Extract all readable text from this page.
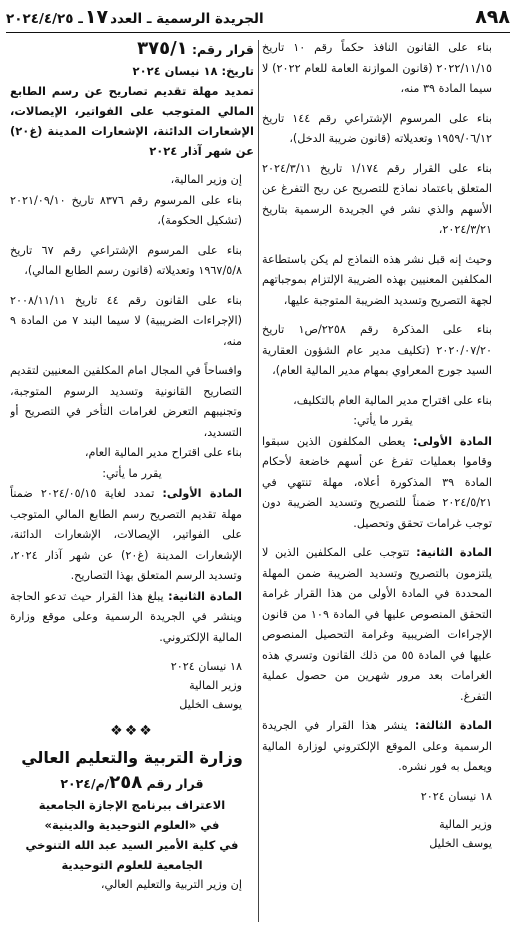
٨٩٨
الجريدة الرسمية ـ العدد١٧ـ ٢٠٢٤/٤/٢٥

بناء على القانون النافذ حكماً رقم ١٠ تاريخ ٢٠٢٢/١١/١٥ (قانون الموازنة العامة للعام ٢٠٢٢) لا سيما المادة ٣٩ منه،

بناء على المرسوم الإشتراعي رقم ١٤٤ تاريخ ١٩٥٩/٠٦/١٢ وتعديلاته (قانون ضريبة الدخل)،

بناء على القرار رقم ١/١٧٤ تاريخ ٢٠٢٤/٣/١١ المتعلق باعتماد نماذج للتصريح عن ربح التفرغ عن الأسهم والذي نشر في الجريدة الرسمية بتاريخ ٢٠٢٤/٣/٢١،

وحيث إنه قبل نشر هذه النماذج لم يكن باستطاعة المكلفين المعنيين بهذه الضريبة الإلتزام بموجباتهم لجهة التصريح وتسديد الضريبة المتوجبة عليها،

بناء على المذكرة رقم ٢٢٥٨/ص١ تاريخ ٢٠٢٠/٠٧/٢٠ (تكليف مدير عام الشؤون العقارية السيد جورج المعراوي بمهام مدير المالية العام)،

بناء على اقتراح مدير المالية العام بالتكليف،

يقرر ما يأتي:

المادة الأولى: يعطى المكلفون الذين سبقوا وقاموا بعمليات تفرغ عن أسهم خاضعة لأحكام المادة ٣٩ المذكورة أعلاه، مهلة تنتهي في ٢٠٢٤/٥/٢١ ضمناً للتصريح وتسديد الضريبة دون توجب غرامات تحقق وتحصيل.

المادة الثانية: تتوجب على المكلفين الذين لا يلتزمون بالتصريح وتسديد الضريبة ضمن المهلة المحددة في المادة الأولى من هذا القرار غرامة التحقق المنصوص عليها في المادة ١٠٩ من قانون الإجراءات الضريبية وغرامة التحصيل المنصوص عليها في المادة ٥٥ من ذلك القانون وتسري هذه الغرامات بعد مرور شهرين من حصول عملية التفرغ.

المادة الثالثة: ينشر هذا القرار في الجريدة الرسمية وعلى الموقع الإلكتروني لوزارة المالية ويعمل به فور نشره.

١٨ نيسان ٢٠٢٤

وزير المالية

يوسف الخليل

قرار رقم: ٣٧٥/١

تاريخ: ١٨ نيسان ٢٠٢٤

تمديد مهلة تقديم تصاريح عن رسم الطابع المالي المتوجب على الفواتير، الإيصالات، الإشعارات الدائنة، الإشعارات المدينة (غ٢٠) عن شهر آذار ٢٠٢٤

إن وزير المالية،

بناء على المرسوم رقم ٨٣٧٦ تاريخ ٢٠٢١/٠٩/١٠ (تشكيل الحكومة)،

بناء على المرسوم الإشتراعي رقم ٦٧ تاريخ ١٩٦٧/٥/٨ وتعديلاته (قانون رسم الطابع المالي)،

بناء على القانون رقم ٤٤ تاريخ ٢٠٠٨/١١/١١ (الإجراءات الضريبية) لا سيما البند ٧ من المادة ٩ منه،

وافساحاً في المجال امام المكلفين المعنيين لتقديم التصاريح القانونية وتسديد الرسوم المتوجبة، وتجنيبهم التعرض لغرامات التأخر في التصريح أو التسديد،

بناء على اقتراح مدير المالية العام،

يقرر ما يأتي:

المادة الأولى: تمدد لغاية ٢٠٢٤/٠٥/١٥ ضمناً مهلة تقديم التصريح رسم الطابع المالي المتوجب على الفواتير، الإيصالات، الإشعارات الدائنة، الإشعارات المدينة (غ٢٠) عن شهر آذار ٢٠٢٤، وتسديد الرسم المتعلق بهذا التصاريح.

المادة الثانية: يبلغ هذا القرار حيث تدعو الحاجة وينشر في الجريدة الرسمية وعلى موقع وزارة المالية الإلكتروني.

١٨ نيسان ٢٠٢٤

وزير المالية

يوسف الخليل

❖❖❖

وزارة التربية والتعليم العالي

قرار رقم ٢٥٨/م/٢٠٢٤

الاعتراف ببرنامج الإجازة الجامعية

في «العلوم التوحيدية والدينية»

في كلية الأمير السيد عبد الله التنوخي

الجامعية للعلوم التوحيدية

إن وزير التربية والتعليم العالي،
